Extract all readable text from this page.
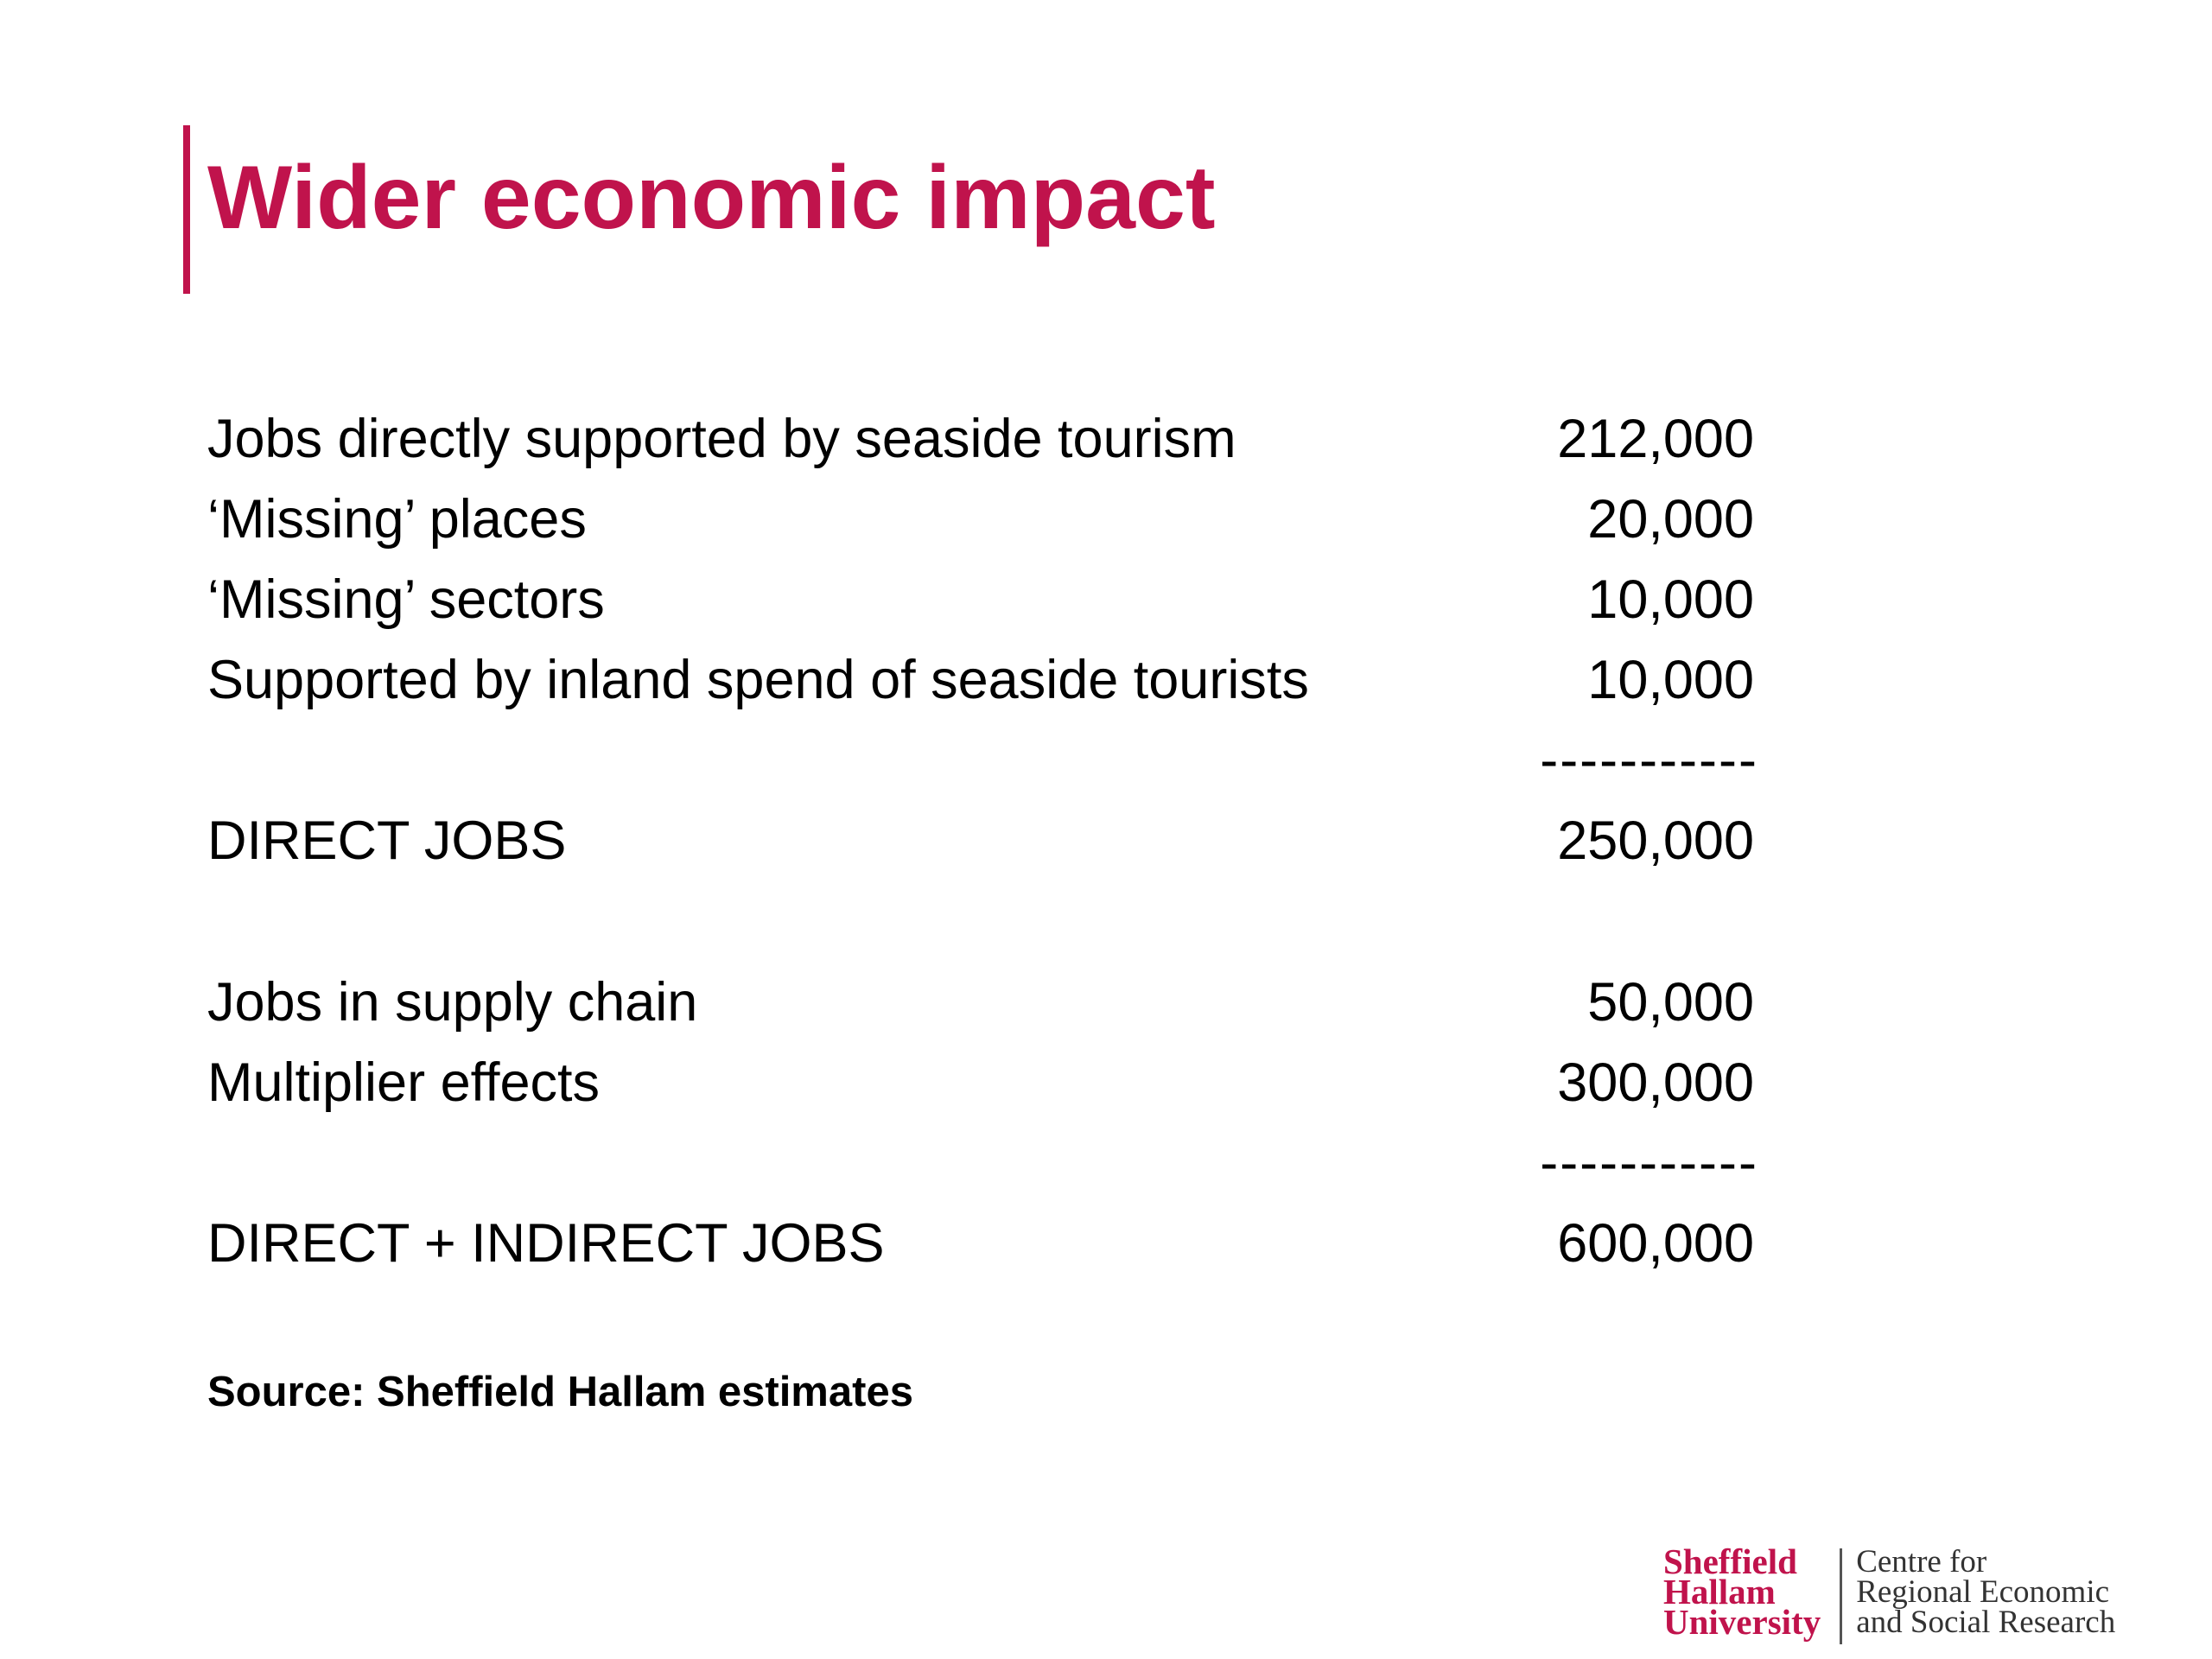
Wider economic impact
Jobs directly supported by seaside tourism	212,000
‘Missing’ places	20,000
‘Missing’ sectors	10,000
Supported by inland spend of seaside tourists	10,000
-----------
DIRECT JOBS	250,000
Jobs in supply chain	50,000
Multiplier effects	300,000
-----------
DIRECT + INDIRECT JOBS	600,000
Source: Sheffield Hallam estimates
Sheffield
Hallam
University
Centre for
Regional Economic
and Social Research
